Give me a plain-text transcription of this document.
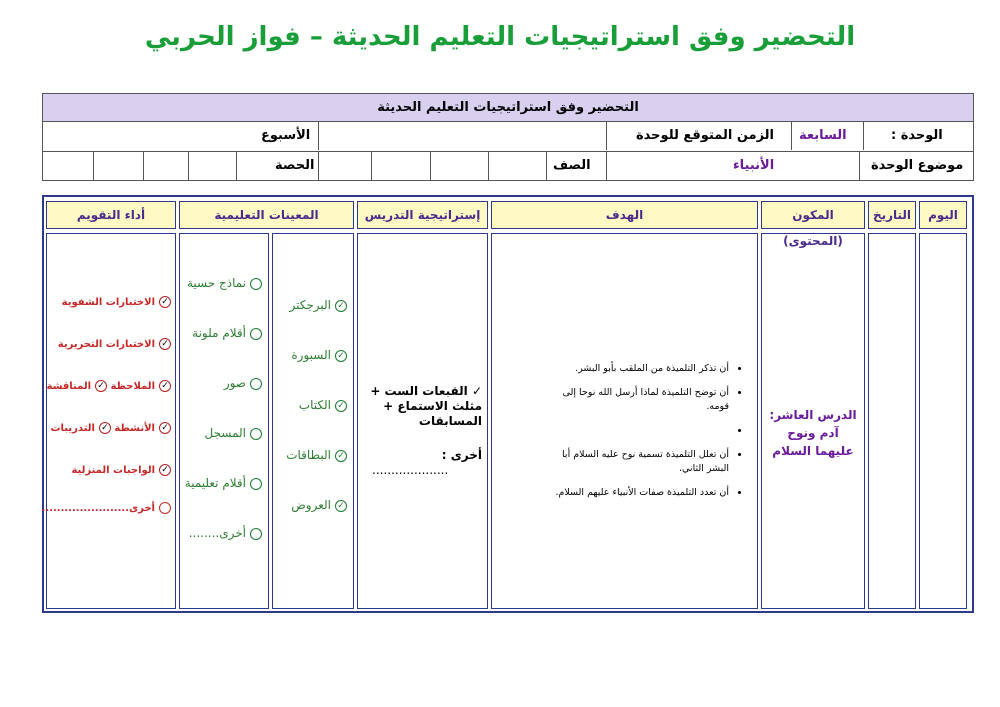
التحضير وفق استراتيجيات التعليم الحديثة – فواز الحربي
التحضير وفق استراتيجيات التعليم الحديثة
الوحدة :
السابعة
الزمن المتوقع للوحدة
الأسبوع
موضوع الوحدة
الأنبياء
الصف
الحصة
اليوم
التاريخ
المكون (المحتوى)
الهدف
إستراتيجية التدريس
المعينات التعليمية
أداء التقويم
الدرس العاشر: آدم ونوح عليهما السلام
• أن تذكر التلميذة من الملقب بأبو البشر.
• أن توضح التلميذة لماذا أرسل الله نوحا إلى قومه.
•
• أن تعلل التلميذة تسمية نوح عليه السلام أبا البشر الثاني.
• أن تعدد التلميذة صفات الأنبياء عليهم السلام.
✓ القبعات الست + مثلث الاستماع + المسابقات
أخرى :
....................
✓البرجكتر
✓السبورة
✓الكتاب
✓البطاقات
✓العروض
نماذج حسية
أقلام ملونة
صور
المسجل
أقلام تعليمية
أخرى........
✓الاختبارات الشفوية
✓الاختبارات التحريرية
✓الملاحظة ✓المناقشة
✓الأنشطة ✓التدريبات
✓الواجبات المنزلية
أخرى.......................
